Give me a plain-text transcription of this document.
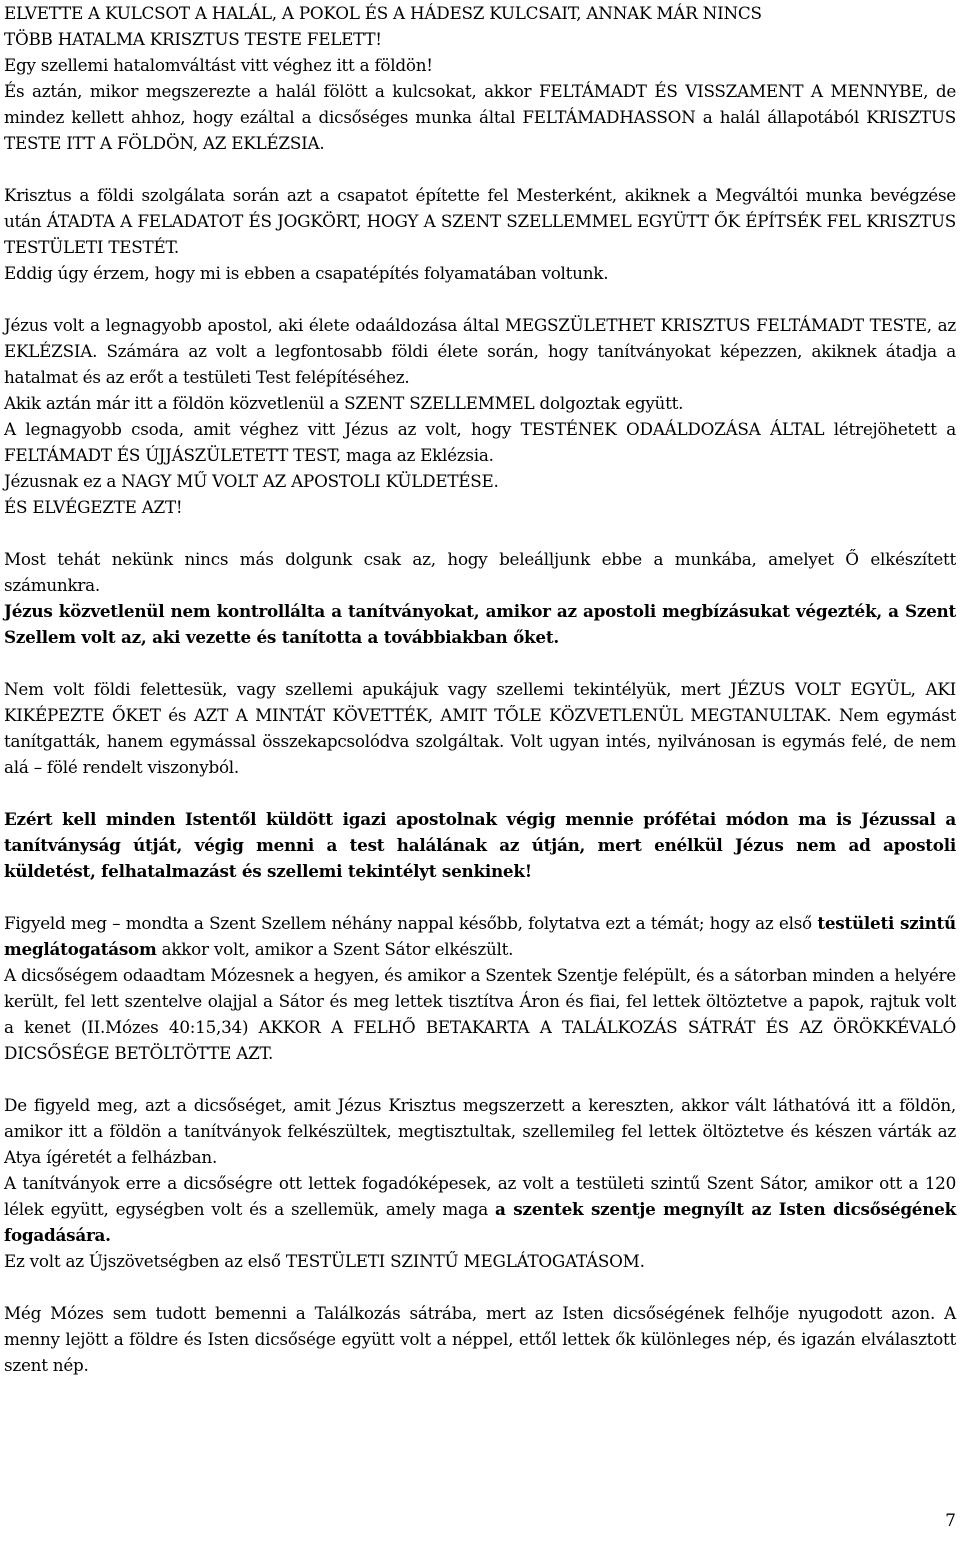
ELVETTE A KULCSOT A HALÁL, A POKOL ÉS A HÁDESZ KULCSAIT, ANNAK MÁR NINCS

TÖBB HATALMA KRISZTUS TESTE FELETT!

Egy szellemi hatalomváltást vitt véghez itt a földön!

És aztán, mikor megszerezte a halál fölött a kulcsokat, akkor FELTÁMADT ÉS VISSZAMENT A MENNYBE, de mindez kellett ahhoz, hogy ezáltal a dicsőséges munka által FELTÁMADHASSON a halál állapotából KRISZTUS TESTE ITT A FÖLDÖN, AZ EKLÉZSIA.

Krisztus a földi szolgálata során azt a csapatot építette fel Mesterként, akiknek a Megváltói munka bevégzése után ÁTADTA A FELADATOT ÉS JOGKÖRT, HOGY A SZENT SZELLEMMEL EGYÜTT ŐK ÉPÍTSÉK FEL KRISZTUS TESTÜLETI TESTÉT.

Eddig úgy érzem, hogy mi is ebben a csapatépítés folyamatában voltunk.

Jézus volt a legnagyobb apostol, aki élete odaáldozása által MEGSZÜLETHET KRISZTUS FELTÁMADT TESTE, az EKLÉZSIA. Számára az volt a legfontosabb földi élete során, hogy tanítványokat képezzen, akiknek átadja a hatalmat és az erőt a testületi Test felépítéséhez.

Akik aztán már itt a földön közvetlenül a SZENT SZELLEMMEL dolgoztak együtt.

A legnagyobb csoda, amit véghez vitt Jézus az volt, hogy TESTÉNEK ODAÁLDOZÁSA ÁLTAL létrejöhetett a FELTÁMADT ÉS ÚJJÁSZÜLETETT TEST, maga az Eklézsia.

Jézusnak ez a NAGY MŰ VOLT AZ APOSTOLI KÜLDETÉSE.

ÉS ELVÉGEZTE AZT!

Most tehát nekünk nincs más dolgunk csak az, hogy beleálljunk ebbe a munkába, amelyet Ő elkészített számunkra.

Jézus közvetlenül nem kontrollálta a tanítványokat, amikor az apostoli megbízásukat végezték, a Szent Szellem volt az, aki vezette és tanította a továbbiakban őket.

Nem volt földi felettesük, vagy szellemi apukájuk vagy szellemi tekintélyük, mert JÉZUS VOLT EGYÜL, AKI KIKÉPEZTE ŐKET és AZT A MINTÁT KÖVETTÉK, AMIT TŐLE KÖZVETLENÜL MEGTANULTAK. Nem egymást tanítgatták, hanem egymással összekapcsolódva szolgáltak. Volt ugyan intés, nyilvánosan is egymás felé, de nem alá – fölé rendelt viszonyból.

Ezért kell minden Istentől küldött igazi apostolnak végig mennie prófétai módon ma is Jézussal a tanítványság útját, végig menni a test halálának az útján, mert enélkül Jézus nem ad apostoli küldetést, felhatalmazást és szellemi tekintélyt senkinek!

Figyeld meg – mondta a Szent Szellem néhány nappal később, folytatva ezt a témát; hogy az első testületi szintű meglátogatásom akkor volt, amikor a Szent Sátor elkészült.

A dicsőségem odaadtam Mózesnek a hegyen, és amikor a Szentek Szentje felépült, és a sátorban minden a helyére került, fel lett szentelve olajjal a Sátor és meg lettek tisztítva Áron és fiai, fel lettek öltöztetve a papok, rajtuk volt a kenet (II.Mózes 40:15,34) AKKOR A FELHŐ BETAKARTA A TALÁLKOZÁS SÁTRÁT ÉS AZ ÖRÖKKÉVALÓ DICSŐSÉGE BETÖLTÖTTE AZT.

De figyeld meg, azt a dicsőséget, amit Jézus Krisztus megszerzett a kereszten, akkor vált láthatóvá itt a földön, amikor itt a földön a tanítványok felkészültek, megtisztultak, szellemileg fel lettek öltöztetve és készen várták az Atya ígéretét a felházban.

A tanítványok erre a dicsőségre ott lettek fogadóképesek, az volt a testületi szintű Szent Sátor, amikor ott a 120 lélek együtt, egységben volt és a szellemük, amely maga a szentek szentje megnyílt az Isten dicsőségének fogadására.

Ez volt az Újszövetségben az első TESTÜLETI SZINTŰ MEGLÁTOGATÁSOM.

Még Mózes sem tudott bemenni a Találkozás sátrába, mert az Isten dicsőségének felhője nyugodott azon. A menny lejött a földre és Isten dicsősége együtt volt a néppel, ettől lettek ők különleges nép, és igazán elválasztott szent nép.

7
